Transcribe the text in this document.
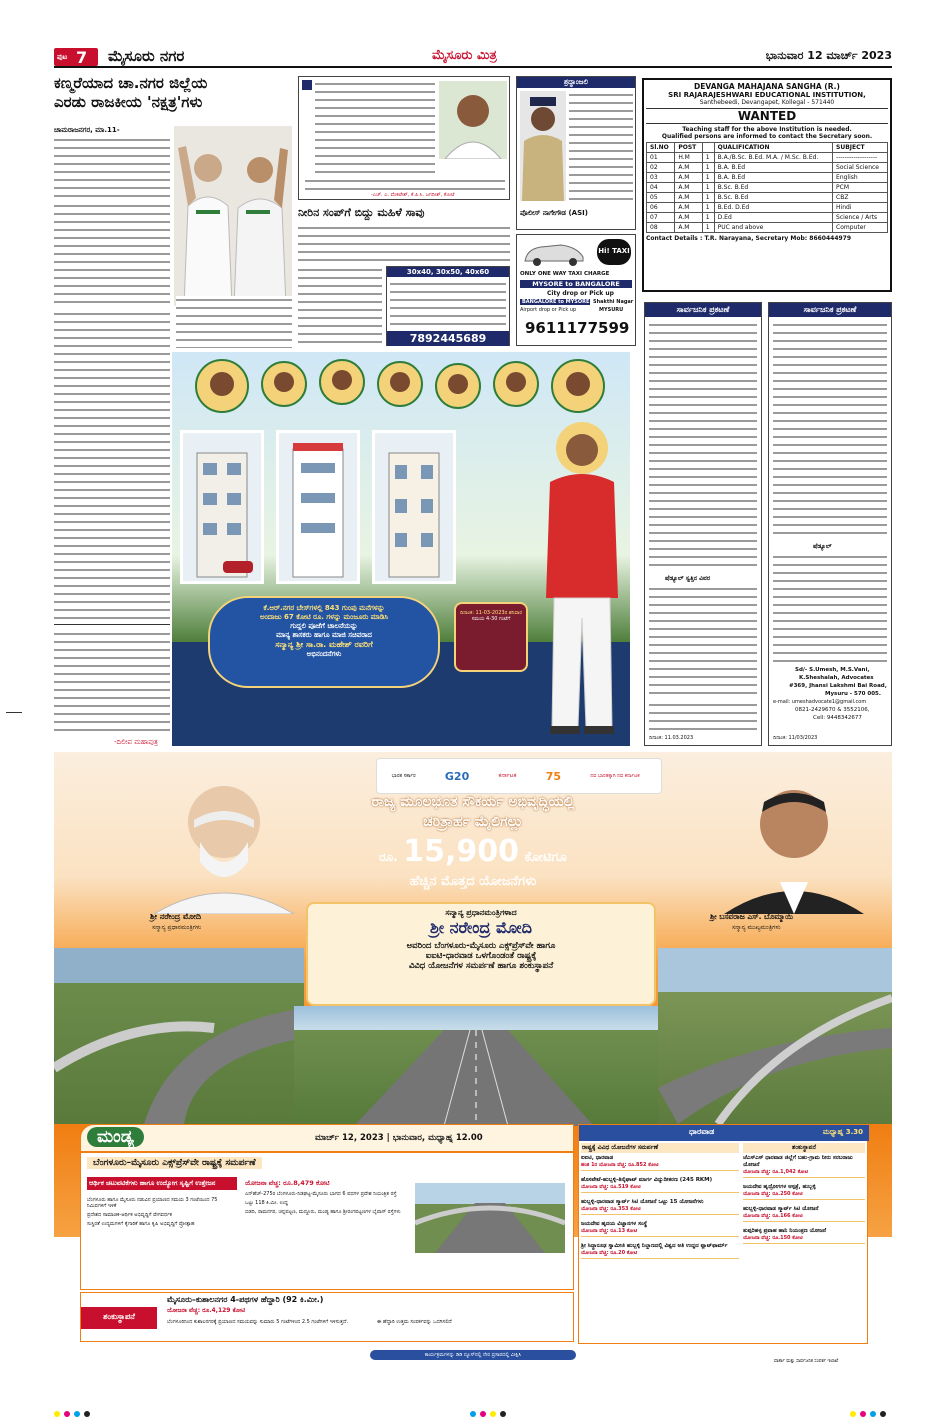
ಪುಟ 7 ಮೈಸೂರು ನಗರ	ಮೈಸೂರು ಮಿತ್ರ	ಭಾನುವಾರ 12 ಮಾರ್ಚ್ 2023
ಕಣ್ಮರೆಯಾದ ಚಾ.ನಗರ ಜಿಲ್ಲೆಯ
ಎರಡು ರಾಜಕೀಯ 'ನಕ್ಷತ್ರ'ಗಳು
ಚಾಮರಾಜನಗರ, ಮಾ.11-
-ದಿಲೀಪ ಮಹಾಪುತ್ರ
-ಎಚ್. ಎ. ವೆಂಕಟೇಶ್, ಕೆ.ಪಿ.ಸಿ. ಜಗದೀಶ್, ಕೋಟೆ
ನೀರಿನ ಸಂಪ್‌ಗೆ ಬಿದ್ದು ಮಹಿಳೆ ಸಾವು
30x40, 30x50, 40x60
7892445689
ಶ್ರದ್ಧಾಂಜಲಿ
ಪೊಲೀಸ್ ನಾಗೇಗೌಡ (ASI)
Hi! TAXI
ONLY ONE WAY TAXI CHARGE
MYSORE to BANGALORE
City drop or Pick up
BANGALORE to MYSORE
Airport drop or Pick up
Shakthi Nagar
MYSURU
9611177599
DEVANGA MAHAJANA SANGHA (R.)
SRI RAJARAJESHWARI EDUCATIONAL INSTITUTION,
Santhebeedi, Devangapet, Kollegal - 571440
WANTED
Teaching staff for the above Institution is needed.
Qualified persons are informed to contact the Secretary soon.
Sl.NO	POST		QUALIFICATION	SUBJECT
01	H.M	1	B.A./B.Sc. B.Ed. M.A. / M.Sc. B.Ed.	-------------------
02	A.M	1	B.A. B.Ed	Social Science
03	A.M	1	B.A. B.Ed	English
04	A.M	1	B.Sc. B.Ed	PCM
05	A.M	1	B.Sc. B.Ed	CBZ
06	A.M	1	B.Ed. D.Ed	Hindi
07	A.M	1	D.Ed	Science / Arts
08	A.M	1	PUC and above	Computer
Contact Details : T.R. Narayana, Secretary Mob: 8660444979
ಸಾರ್ವಜನಿಕ ಪ್ರಕಟಣೆ
ಷೆಡ್ಯೂಲ್ ಸ್ವತ್ತಿನ ವಿವರ
ದಿನಾಂಕ: 11.03.2023
ಸಾರ್ವಜನಿಕ ಪ್ರಕಟಣೆ
ಷೆಡ್ಯೂಲ್
Sd/- S.Umesh, M.S.Vani,
K.Sheshalah, Advocates
#369, Jhansi Lakshmi Bai Road,
Mysuru - 570 005.
e-mail: umeshadvocate1@gmail.com
0821-2429670 & 3552106,
Cell: 9448342677
ದಿನಾಂಕ: 11/03/2023
ಕೆ.ಆರ್.ನಗರ ಬೇಸ್‌ಗಳಲ್ಲಿ 843 ಗುಂಪು ಮನೆಗಳನ್ನು
ಅಂದಾಜು 67 ಕೋಟಿ ರೂ. ಗಳನ್ನು ಮಂಜೂರು ಮಾಡಿಸಿ
ಗುದ್ದಲಿ ಪೂಜೆಗೆ ಚಾಲನೆಯನ್ನು
ಮಾನ್ಯ ಶಾಸಕರು ಹಾಗೂ ಮಾಜಿ ಸಚಿವರಾದ
ಸನ್ಮಾನ್ಯ ಶ್ರೀ ಸಾ.ರಾ. ಮಹೇಶ್ ರವರಿಗೆ
ಅಭಿನಂದನೆಗಳು
ದಿನಾಂಕ: 11-03-2023ರ ಶನಿವಾರ
ಸಮಯ 4-30 ಗಂಟೆಗೆ
ಭಾರತ ಸರ್ಕಾರ	G20	ಕರ್ನಾಟಕ	75	ನವ ಭಾರತಕ್ಕಾಗಿ ನವ ಕರ್ನಾಟಕ
ಶ್ರೀ ನರೇಂದ್ರ ಮೋದಿ
ಸನ್ಮಾನ್ಯ ಪ್ರಧಾನಮಂತ್ರಿಗಳು
ಶ್ರೀ ಬಸವರಾಜ ಎಸ್. ಬೊಮ್ಮಾಯಿ
ಸನ್ಮಾನ್ಯ ಮುಖ್ಯಮಂತ್ರಿಗಳು
ರಾಜ್ಯ ಮೂಲಭೂತ ಸೌಕರ್ಯ ಅಭಿವೃದ್ಧಿಯಲ್ಲಿ
ಚರಿತ್ರಾರ್ಹ ಮೈಲಿಗಲ್ಲು
ರೂ. 15,900 ಕೋಟಿಗೂ
ಹೆಚ್ಚಿನ ಮೊತ್ತದ ಯೋಜನೆಗಳು
ಸನ್ಮಾನ್ಯ ಪ್ರಧಾನಮಂತ್ರಿಗಳಾದ
ಶ್ರೀ ನರೇಂದ್ರ ಮೋದಿ
ಅವರಿಂದ ಬೆಂಗಳೂರು-ಮೈಸೂರು ಎಕ್ಸ್‌ಪ್ರೆಸ್‌ವೇ ಹಾಗೂ
ಐಐಟಿ-ಧಾರವಾಡ ಒಳಗೊಂಡಂತೆ ರಾಷ್ಟ್ರಕ್ಕೆ
ವಿವಿಧ ಯೋಜನೆಗಳ ಸಮರ್ಪಣೆ ಹಾಗೂ ಶಂಕುಸ್ಥಾಪನೆ
ಮಂಡ್ಯ	ಮಾರ್ಚ್ 12, 2023 | ಭಾನುವಾರ, ಮಧ್ಯಾಹ್ನ 12.00
ಬೆಂಗಳೂರು–ಮೈಸೂರು ಎಕ್ಸ್‌ಪ್ರೆಸ್‌ವೇ ರಾಷ್ಟ್ರಕ್ಕೆ ಸಮರ್ಪಣೆ
ಆರ್ಥಿಕ ಚಟುವಟಿಕೆಗಳು ಹಾಗೂ ಉದ್ಯೋಗ ಸೃಷ್ಟಿಗೆ ಉತ್ತೇಜನ
ಬೆಂಗಳೂರು ಹಾಗೂ ಮೈಸೂರು ನಡುವಿನ ಪ್ರಯಾಣದ ಸಮಯ 3 ಗಂಟೆಯಿಂದ 75 ನಿಮಿಷಗಳಿಗೆ ಇಳಿಕೆ
ಪ್ರದೇಶದ ಸಾಮಾಜಿಕ-ಆರ್ಥಿಕ ಅಭಿವೃದ್ಧಿಗೆ ವೇಗವರ್ಧಕ
ಸುಸ್ಥಿರತೆ ಉದ್ಯಮಗಳಿಗೆ ಕೈಗಾರಿಕೆ ಹಾಗೂ ಕೃಷಿ ಅಭಿವೃದ್ಧಿಗೆ ಪ್ರೋತ್ಸಾಹ
ಯೋಜನಾ ವೆಚ್ಚ: ರೂ.8,479 ಕೋಟಿ
ಎನ್‌ಹೆಚ್-275ರ ಬೆಂಗಳೂರು-ನಿಡಘಟ್ಟ-ಮೈಸೂರು ಭಾಗದ 6 ಪಥಗಳ ಪ್ರವೇಶ ನಿಯಂತ್ರಿತ ರಸ್ತೆ
ಒಟ್ಟು 118 ಕಿ.ಮೀ. ಉದ್ದ
ಬಿಡದಿ, ರಾಮನಗರ, ಚನ್ನಪಟ್ಟಣ, ಮದ್ದೂರು, ಮಂಡ್ಯ ಹಾಗೂ ಶ್ರೀರಂಗಪಟ್ಟಣಗಳ ಬೈಪಾಸ್ ರಸ್ತೆಗಳು
ಶಂಕುಸ್ಥಾಪನೆ
ಮೈಸೂರು–ಕುಶಾಲನಗರ 4-ಪಥಗಳ ಹೆದ್ದಾರಿ (92 ಕಿ.ಮೀ.)
ಯೋಜನಾ ವೆಚ್ಚ: ರೂ.4,129 ಕೋಟಿ
ಬೆಂಗಳೂರಿನಿಂದ ಕುಶಾಲನಗರಕ್ಕೆ ಪ್ರಯಾಣದ ಸಮಯವನ್ನು ಸುಮಾರು 5 ಗಂಟೆಗಳಿಂದ 2.5 ಗಂಟೆಗಳಿಗೆ ಇಳಿಸುತ್ತದೆ.	ಈ ಹೆದ್ದಾರಿ ಉತ್ತಮ ಸಂಪರ್ಕವನ್ನು ಒದಗಿಸಲಿದೆ
ಧಾರವಾಡ	ಮಧ್ಯಾಹ್ನ 3.30
ರಾಷ್ಟ್ರಕ್ಕೆ ವಿವಿಧ ಯೋಜನೆಗಳ ಸಮರ್ಪಣೆ	ಶಂಕುಸ್ಥಾಪನೆ
ಐಐಟಿ, ಧಾರವಾಡ
ಹಂತ 1ರ ಯೋಜನಾ ವೆಚ್ಚ: ರೂ.852 ಕೋಟಿ
ಹೊಸಪೇಟೆ-ಹುಬ್ಬಳ್ಳಿ-ತಿನೈಘಾಟ್ ಮಾರ್ಗ ವಿದ್ಯುದೀಕರಣ (245 RKM)
ಯೋಜನಾ ವೆಚ್ಚ: ರೂ.519 ಕೋಟಿ
ಹುಬ್ಬಳ್ಳಿ-ಧಾರವಾಡ ಸ್ಮಾರ್ಟ್ ಸಿಟಿ ಯೋಜನೆ ಒಟ್ಟು 15 ಯೋಜನೆಗಳು
ಯೋಜನಾ ವೆಚ್ಚ: ರೂ.353 ಕೋಟಿ
ಜಯದೇವ ಹೃದಯ ವಿಜ್ಞಾನಗಳ ಸಂಸ್ಥೆ
ಯೋಜನಾ ವೆಚ್ಚ: ರೂ.13 ಕೋಟಿ
ಶ್ರೀ ಸಿದ್ಧಾರೂಢ ಸ್ವಾಮೀಜಿ ಹುಬ್ಬಳ್ಳಿ ನಿಲ್ದಾಣದಲ್ಲಿ ವಿಶ್ವದ ಅತಿ ಉದ್ದದ ಪ್ಲಾಟ್‌ಫಾರ್ಮ್
ಯೋಜನಾ ವೆಚ್ಚ: ರೂ.20 ಕೋಟಿ
ಜೆಎಸ್‌ಎಸ್ ಧಾರವಾಡ ಜಿಲ್ಲೆಗೆ ಬಹು-ಗ್ರಾಮ ನೀರು ಸರಬರಾಜು ಯೋಜನೆ
ಯೋಜನಾ ವೆಚ್ಚ: ರೂ.1,042 ಕೋಟಿ
ಜಯದೇವ ಹೃದ್ರೋಗಗಳ ಆಸ್ಪತ್ರೆ, ಹುಬ್ಬಳ್ಳಿ
ಯೋಜನಾ ವೆಚ್ಚ: ರೂ.250 ಕೋಟಿ
ಹುಬ್ಬಳ್ಳಿ-ಧಾರವಾಡ ಸ್ಮಾರ್ಟ್ ಸಿಟಿ ಯೋಜನೆ
ಯೋಜನಾ ವೆಚ್ಚ: ರೂ.166 ಕೋಟಿ
ತುಪ್ಪರಿಹಳ್ಳ ಪ್ರವಾಹ ಹಾನಿ ನಿಯಂತ್ರಣ ಯೋಜನೆ
ಯೋಜನಾ ವೆಚ್ಚ: ರೂ.150 ಕೋಟಿ
ಕಾರ್ಯಕ್ರಮಗಳನ್ನು ಡಿಡಿ ನ್ಯೂಸ್‌ನಲ್ಲಿ ನೇರ ಪ್ರಸಾರದಲ್ಲಿ ವೀಕ್ಷಿಸಿ
ವಾರ್ತಾ ಮತ್ತು ಸಾರ್ವಜನಿಕ ಸಂಪರ್ಕ ಇಲಾಖೆ
